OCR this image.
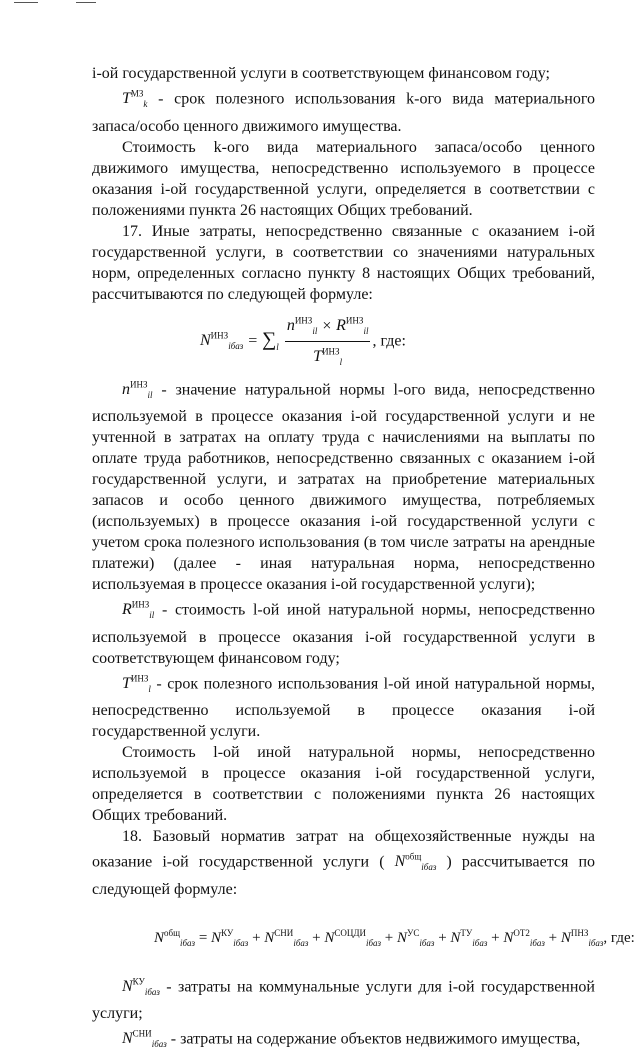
i-ой государственной услуги в соответствующем финансовом году;

$T^{МЗ}_k$ - срок полезного использования k-ого вида материального запаса/особо ценного движимого имущества.

Стоимость k-ого вида материального запаса/особо ценного движимого имущества, непосредственно используемого в процессе оказания i-ой государственной услуги, определяется в соответствии с положениями пункта 26 настоящих Общих требований.

17. Иные затраты, непосредственно связанные с оказанием i-ой государственной услуги, в соответствии со значениями натуральных норм, определенных согласно пункту 8 настоящих Общих требований, рассчитываются по следующей формуле:

$N^{ИНЗ}_{iбаз} = \sum_l \frac{n^{ИНЗ}_{il} \times R^{ИНЗ}_{il}}{T^{ИНЗ}_l}$ , где:

$n^{ИНЗ}_{il}$ - значение натуральной нормы l-ого вида, непосредственно используемой в процессе оказания i-ой государственной услуги и не учтенной в затратах на оплату труда с начислениями на выплаты по оплате труда работников, непосредственно связанных с оказанием i-ой государственной услуги, и затратах на приобретение материальных запасов и особо ценного движимого имущества, потребляемых (используемых) в процессе оказания i-ой государственной услуги с учетом срока полезного использования (в том числе затраты на арендные платежи) (далее - иная натуральная норма, непосредственно используемая в процессе оказания i-ой государственной услуги);

$R^{ИНЗ}_{il}$ - стоимость l-ой иной натуральной нормы, непосредственно используемой в процессе оказания i-ой государственной услуги в соответствующем финансовом году;

$T^{ИНЗ}_l$ - срок полезного использования l-ой иной натуральной нормы, непосредственно используемой в процессе оказания i-ой государственной услуги.

Стоимость l-ой иной натуральной нормы, непосредственно используемой в процессе оказания i-ой государственной услуги, определяется в соответствии с положениями пункта 26 настоящих Общих требований.

18. Базовый норматив затрат на общехозяйственные нужды на оказание i-ой государственной услуги ( $N^{общ}_{iбаз}$ ) рассчитывается по следующей формуле:

$N^{общ}_{iбаз} = N^{КУ}_{iбаз} + N^{СНИ}_{iбаз} + N^{СОЦДИ}_{iбаз} + N^{УС}_{iбаз} + N^{ТУ}_{iбаз} + N^{ОТ2}_{iбаз} + N^{ПНЗ}_{iбаз}$, где:

$N^{КУ}_{iбаз}$ - затраты на коммунальные услуги для i-ой государственной услуги;

$N^{СНИ}_{iбаз}$ - затраты на содержание объектов недвижимого имущества,
